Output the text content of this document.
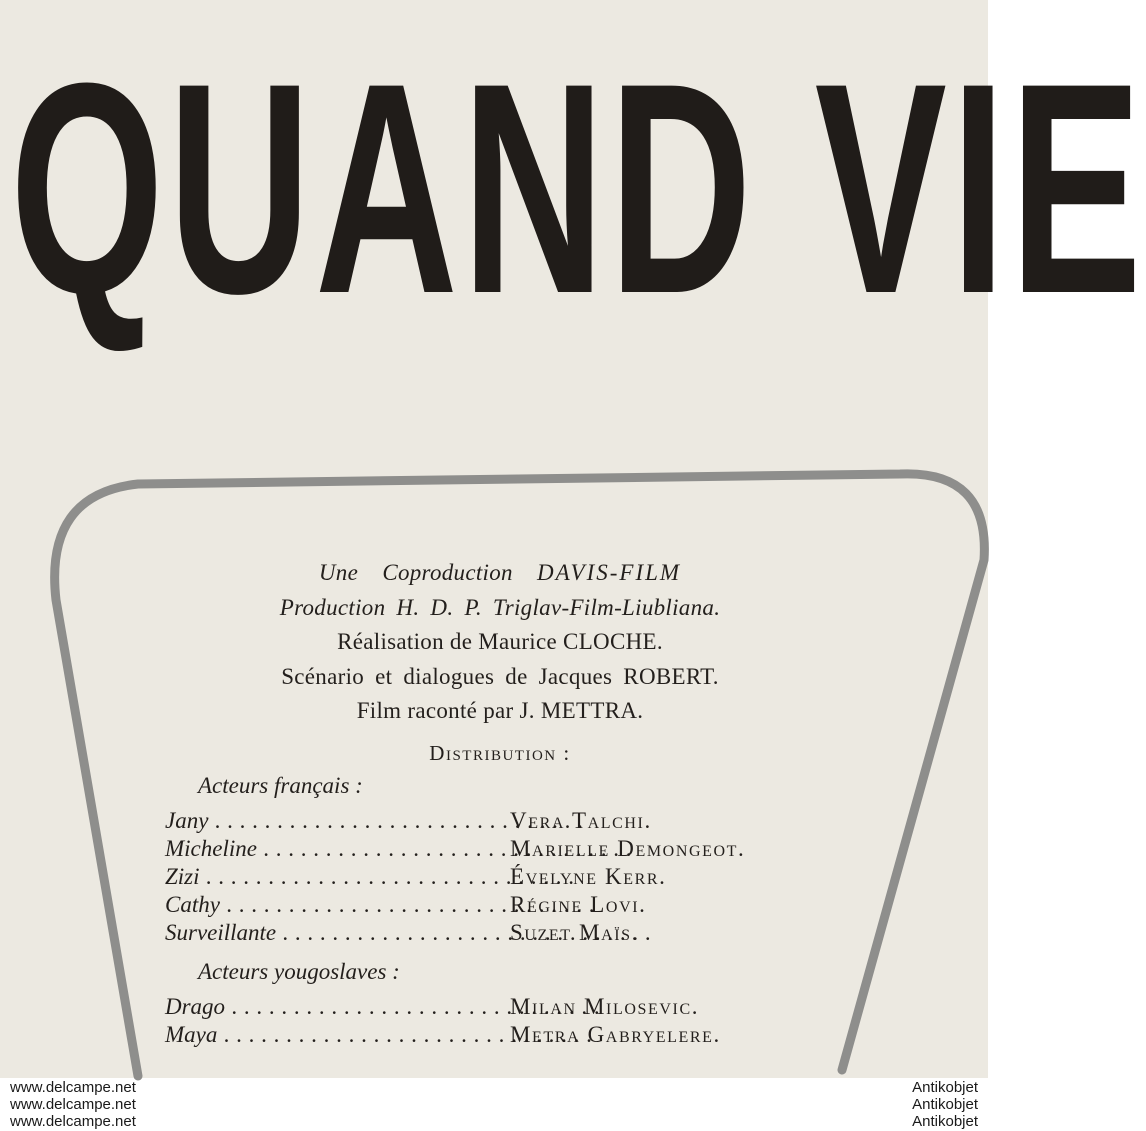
QUAND VIE
Une Coproduction DAVIS-FILM
Production H. D. P. Triglav-Film-Liubliana.
Réalisation de Maurice CLOCHE.
Scénario et dialogues de Jacques ROBERT.
Film raconté par J. METTRA.
Distribution :
Acteurs français :
Jany . . .	Vera Talchi.
Micheline . . .	Marielle Demongeot.
Zizi . . .	Évelyne Kerr.
Cathy . . .	Régine Lovi.
Surveillante . . .	Suzet Maïs.
Acteurs yougoslaves :
Drago . . .	Milan Milosevic.
Maya . . .	Metra Gabryelere.
www.delcampe.net
www.delcampe.net
www.delcampe.net
Antikobjet
Antikobjet
Antikobjet
